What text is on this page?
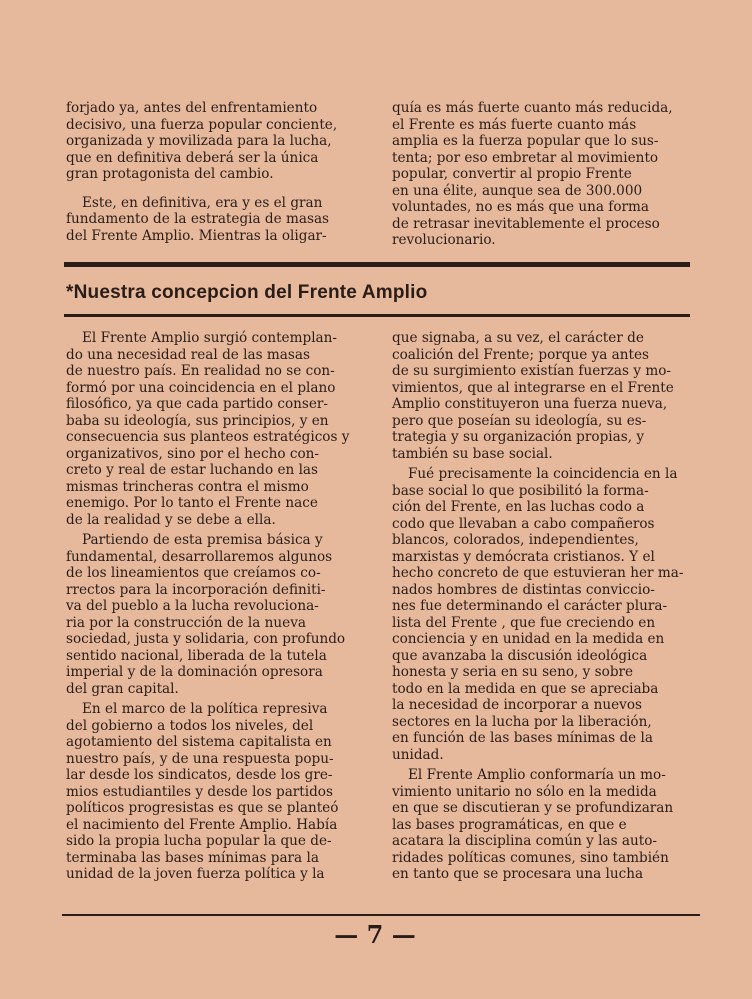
forjado ya, antes del enfrentamiento
decisivo, una fuerza popular conciente,
organizada y movilizada para la lucha,
que en definitiva deberá ser la única
gran protagonista del cambio.

Este, en definitiva, era y es el gran
fundamento de la estrategia de masas
del Frente Amplio. Mientras la oligar-

quía es más fuerte cuanto más reducida,
el Frente es más fuerte cuanto más
amplia es la fuerza popular que lo sus-
tenta; por eso embretar al movimiento
popular, convertir al propio Frente
en una élite, aunque sea de 300.000
voluntades, no es más que una forma
de retrasar inevitablemente el proceso
revolucionario.

*Nuestra concepcion del Frente Amplio

El Frente Amplio surgió contemplan-
do una necesidad real de las masas
de nuestro país. En realidad no se con-
formó por una coincidencia en el plano
filosófico, ya que cada partido conser-
baba su ideología, sus principios, y en
consecuencia sus planteos estratégicos y
organizativos, sino por el hecho con-
creto y real de estar luchando en las
mismas trincheras contra el mismo
enemigo. Por lo tanto el Frente nace
de la realidad y se debe a ella.

Partiendo de esta premisa básica y
fundamental, desarrollaremos algunos
de los lineamientos que creíamos co-
rrectos para la incorporación definiti-
va del pueblo a la lucha revoluciona-
ria por la construcción de la nueva
sociedad, justa y solidaria, con profundo
sentido nacional, liberada de la tutela
imperial y de la dominación opresora
del gran capital.

En el marco de la política represiva
del gobierno a todos los niveles, del
agotamiento del sistema capitalista en
nuestro país, y de una respuesta popu-
lar desde los sindicatos, desde los gre-
mios estudiantiles y desde los partidos
políticos progresistas es que se planteó
el nacimiento del Frente Amplio. Había
sido la propia lucha popular la que de-
terminaba las bases mínimas para la
unidad de la joven fuerza política y la

que signaba, a su vez, el carácter de
coalición del Frente; porque ya antes
de su surgimiento existían fuerzas y mo-
vimientos, que al integrarse en el Frente
Amplio constituyeron una fuerza nueva,
pero que poseían su ideología, su es-
trategia y su organización propias, y
también su base social.

Fué precisamente la coincidencia en la
base social lo que posibilitó la forma-
ción del Frente, en las luchas codo a
codo que llevaban a cabo compañeros
blancos, colorados, independientes,
marxistas y demócrata cristianos. Y el
hecho concreto de que estuvieran her ma-
nados hombres de distintas conviccio-
nes fue determinando el carácter plura-
lista del Frente , que fue creciendo en
conciencia y en unidad en la medida en
que avanzaba la discusión ideológica
honesta y seria en su seno, y sobre
todo en la medida en que se apreciaba
la necesidad de incorporar a nuevos
sectores en la lucha por la liberación,
en función de las bases mínimas de la
unidad.

El Frente Amplio conformaría un mo-
vimiento unitario no sólo en la medida
en que se discutieran y se profundizaran
las bases programáticas, en que e
acatara la disciplina común y las auto-
ridades políticas comunes, sino también
en tanto que se procesara una lucha

— 7 —
